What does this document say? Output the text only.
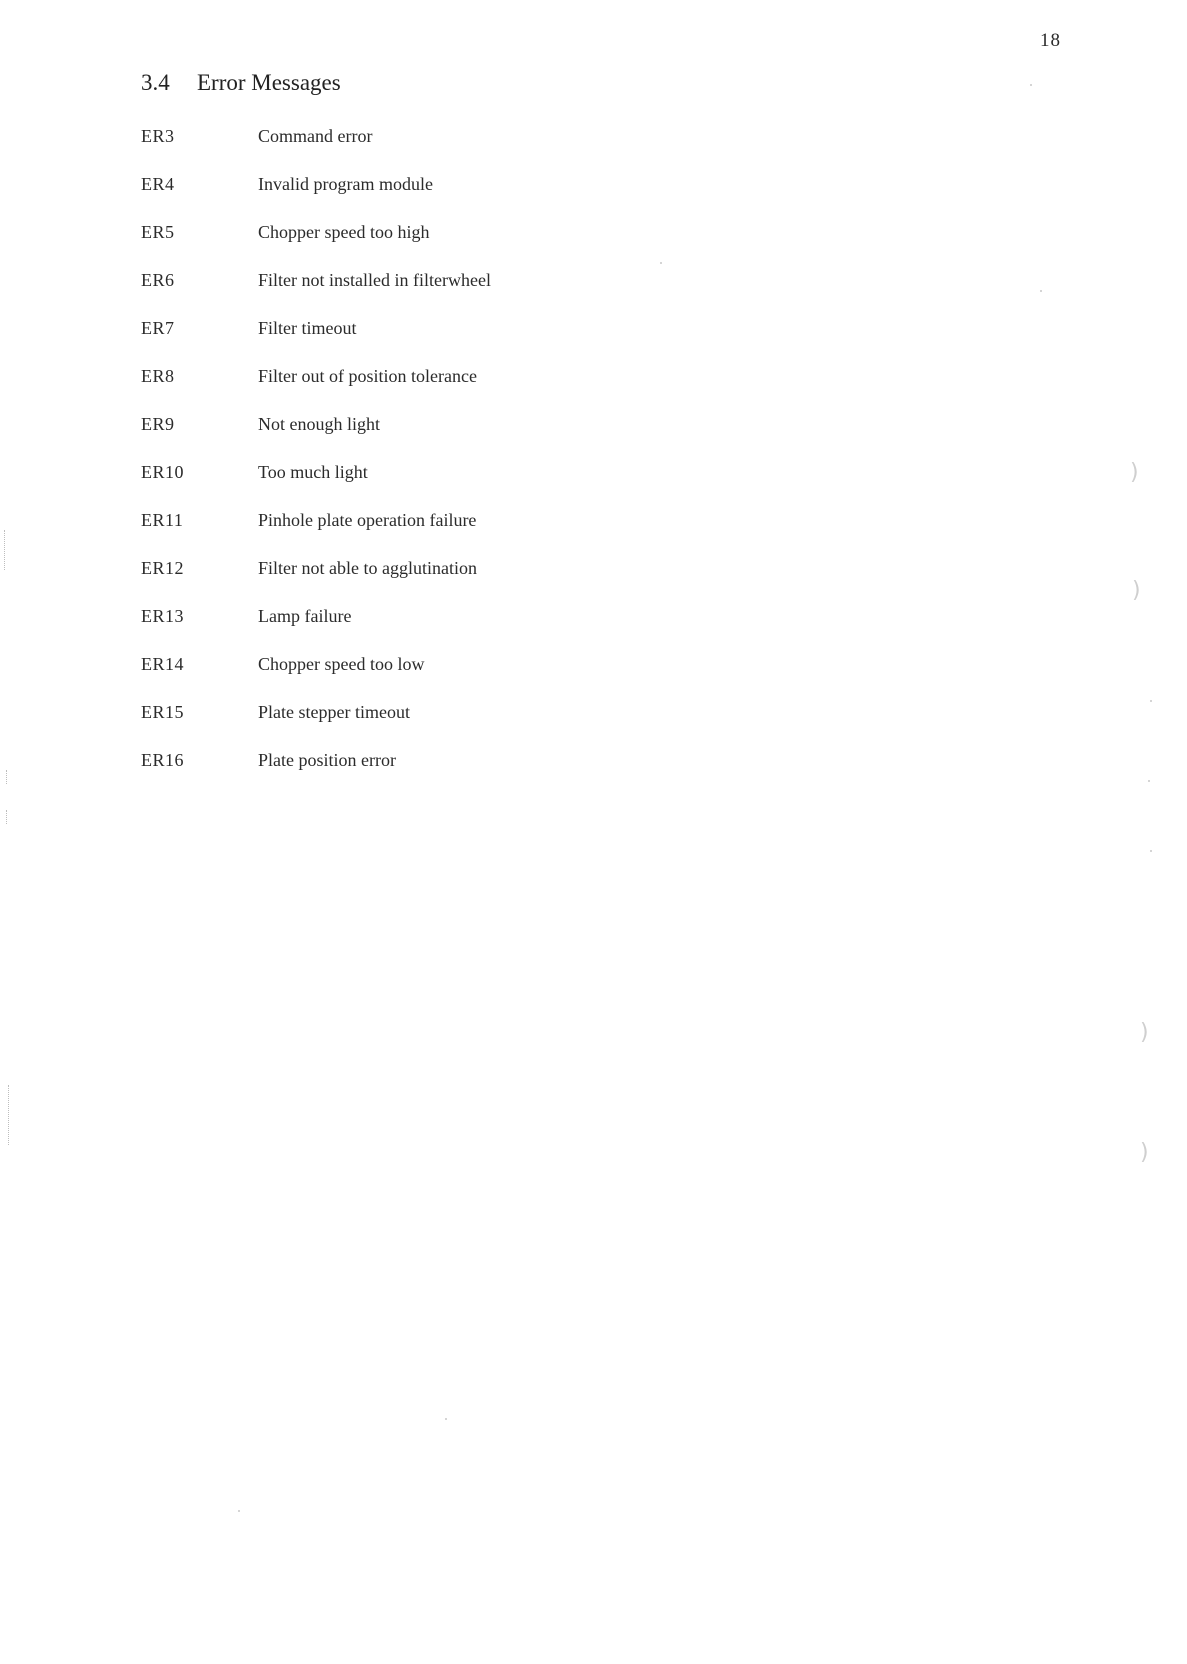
18
3.4 Error Messages
ER3	Command error
ER4	Invalid program module
ER5	Chopper speed too high
ER6	Filter not installed in filterwheel
ER7	Filter timeout
ER8	Filter out of position tolerance
ER9	Not enough light
ER10	Too much light
ER11	Pinhole plate operation failure
ER12	Filter not able to agglutination
ER13	Lamp failure
ER14	Chopper speed too low
ER15	Plate stepper timeout
ER16	Plate position error
)
)
)
)
